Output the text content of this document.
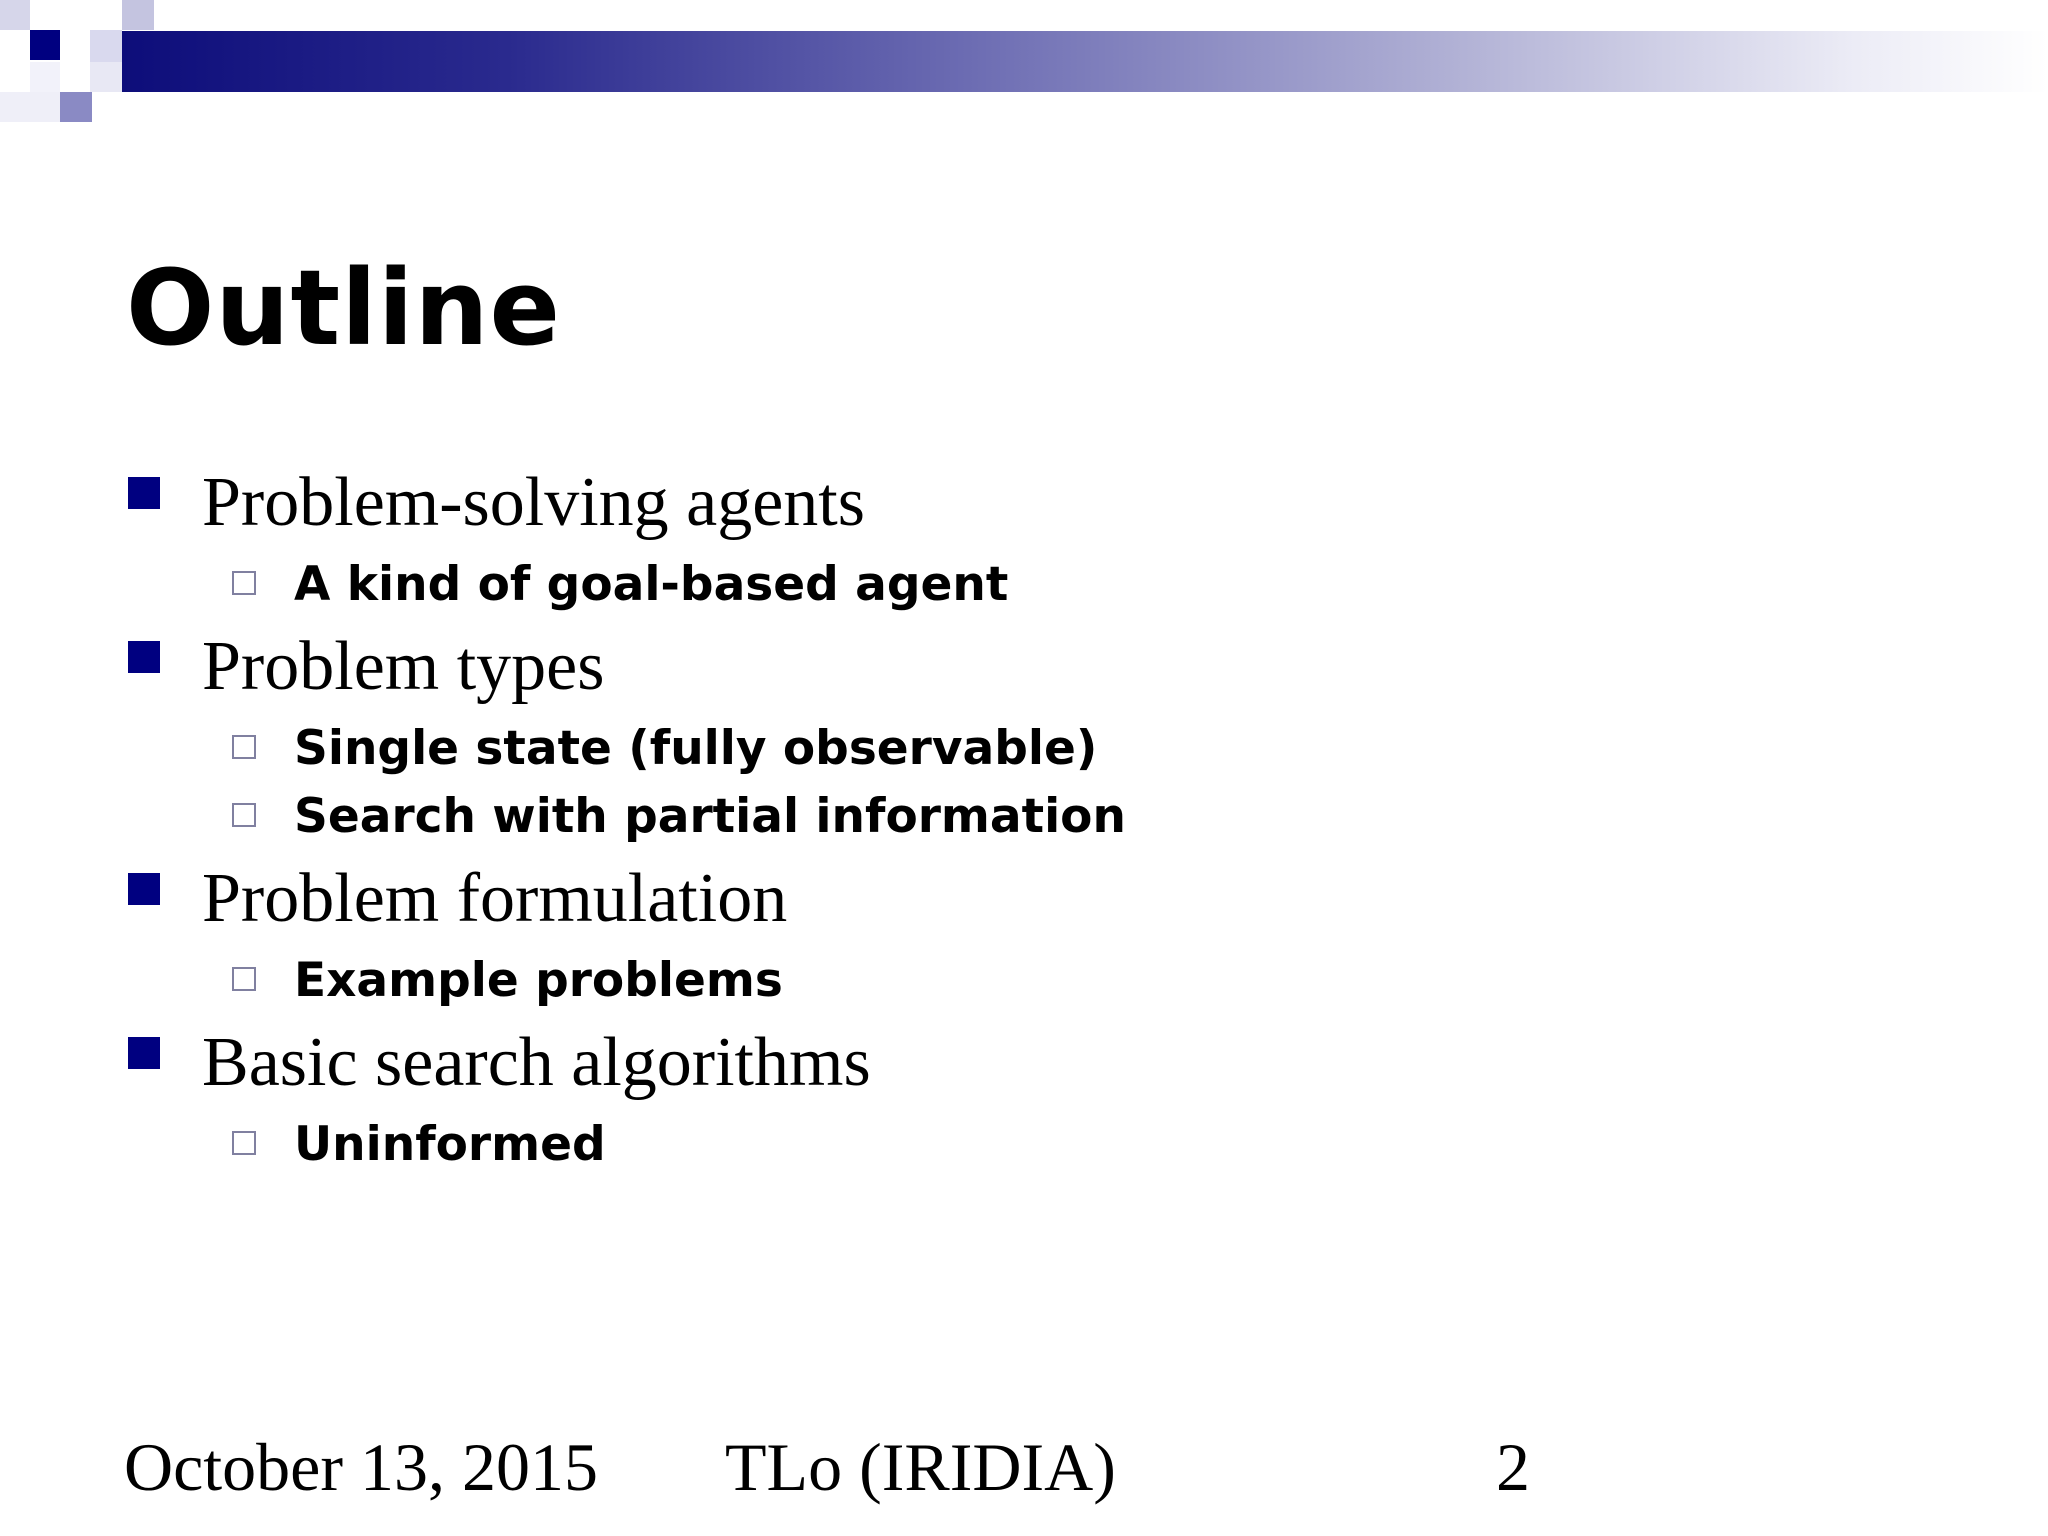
Outline
Problem-solving agents
A kind of goal-based agent
Problem types
Single state (fully observable)
Search with partial information
Problem formulation
Example problems
Basic search algorithms
Uninformed
October 13, 2015 TLo (IRIDIA)	2
